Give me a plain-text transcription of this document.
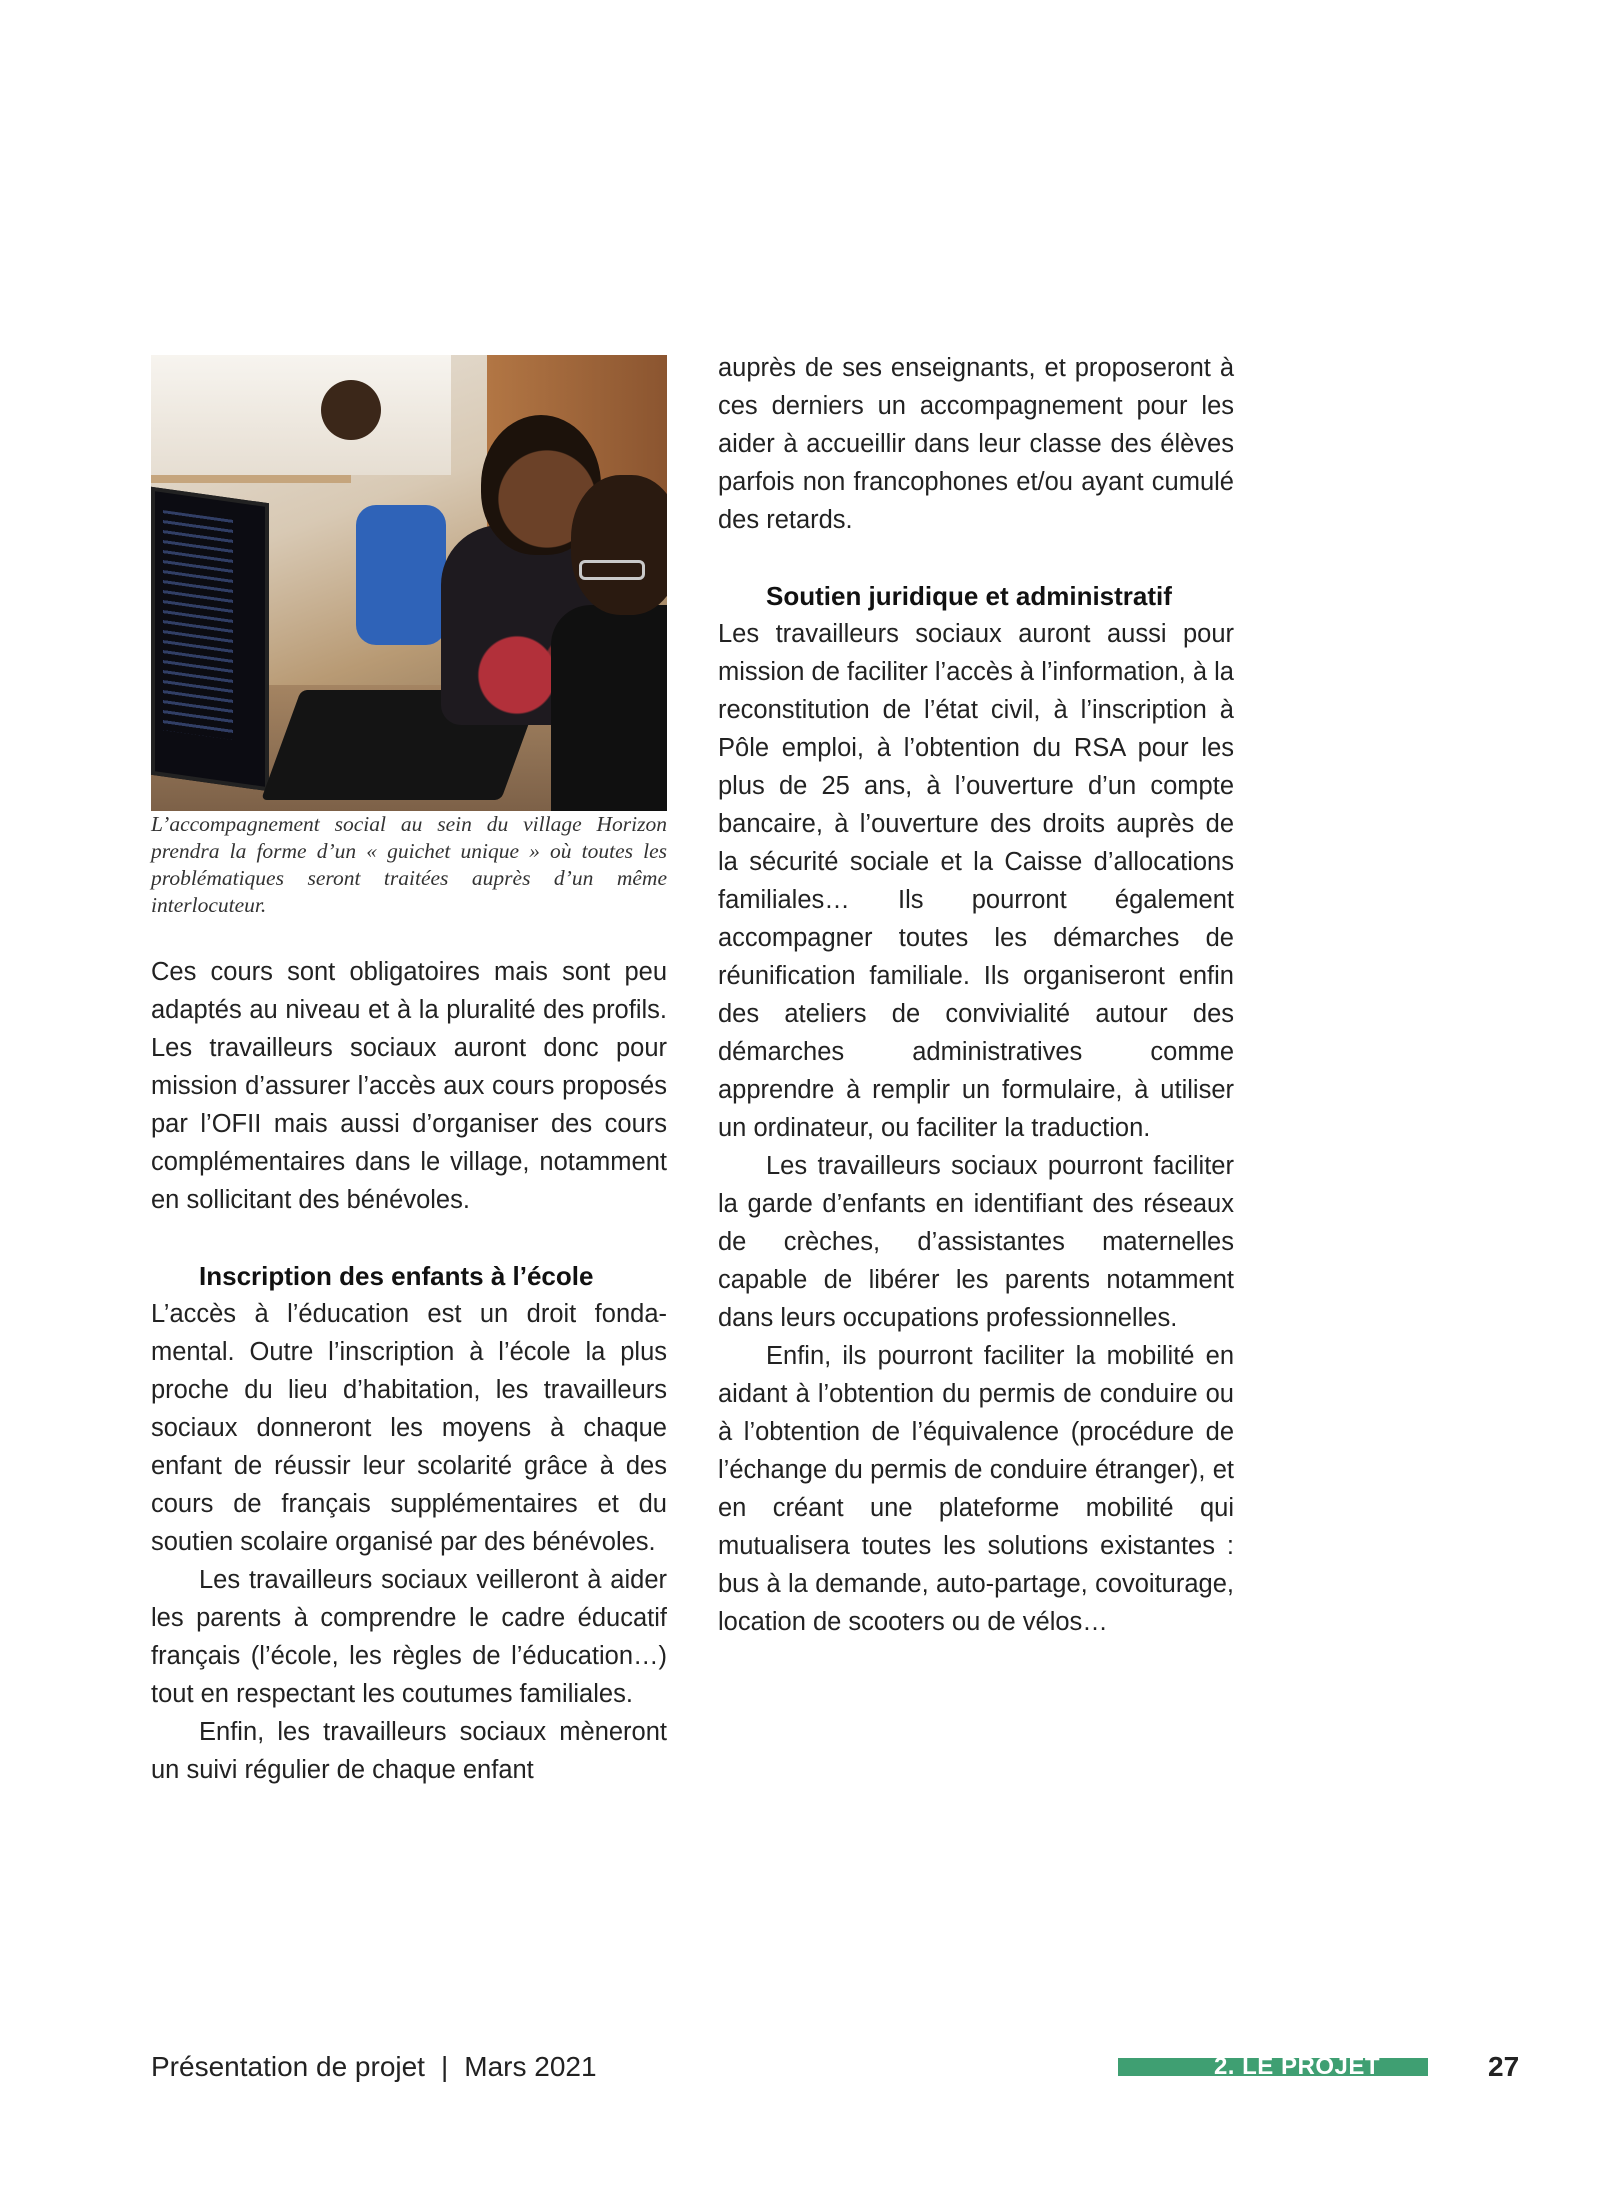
L’accompagnement social au sein du village Horizon prendra la forme d’un « guichet unique » où toutes les problématiques seront traitées auprès d’un même interlocuteur.

Ces cours sont obligatoires mais sont peu adaptés au niveau et à la pluralité des profils. Les travailleurs sociaux auront donc pour mission d’assurer l’accès aux cours proposés par l’OFII mais aussi d’organiser des cours complémentaires dans le village, notamment en sollicitant des bénévoles.

Inscription des enfants à l’école

L’accès à l’éducation est un droit fondamental. Outre l’inscription à l’école la plus proche du lieu d’habitation, les travailleurs sociaux donneront les moyens à chaque enfant de réussir leur scolarité grâce à des cours de français supplémentaires et du soutien scolaire organisé par des bénévoles.

Les travailleurs sociaux veilleront à aider les parents à comprendre le cadre éducatif français (l’école, les règles de l’éducation…) tout en respectant les coutumes familiales.

Enfin, les travailleurs sociaux mèneront un suivi régulier de chaque enfant

auprès de ses enseignants, et proposeront à ces derniers un accompagnement pour les aider à accueillir dans leur classe des élèves parfois non francophones et/ou ayant cumulé des retards.

Soutien juridique et administratif

Les travailleurs sociaux auront aussi pour mission de faciliter l’accès à l’information, à la reconstitution de l’état civil, à l’inscription à Pôle emploi, à l’obtention du RSA pour les plus de 25 ans, à l’ouverture d’un compte bancaire, à l’ouverture des droits auprès de la sécurité sociale et la Caisse d’allocations familiales… Ils pourront également accompagner toutes les démarches de réunification familiale. Ils organiseront enfin des ateliers de convivialité autour des démarches administratives comme apprendre à remplir un formulaire, à utiliser un ordinateur, ou faciliter la traduction.

Les travailleurs sociaux pourront faciliter la garde d’enfants en identifiant des réseaux de crèches, d’assistantes maternelles capable de libérer les parents notamment dans leurs occupations professionnelles.

Enfin, ils pourront faciliter la mobilité en aidant à l’obtention du permis de conduire ou à l’obtention de l’équivalence (procédure de l’échange du permis de conduire étranger), et en créant une plateforme mobilité qui mutualisera toutes les solutions existantes : bus à la demande, auto-partage, covoiturage, location de scooters ou de vélos…

Présentation de projet | Mars 2021	2. LE PROJET	27
